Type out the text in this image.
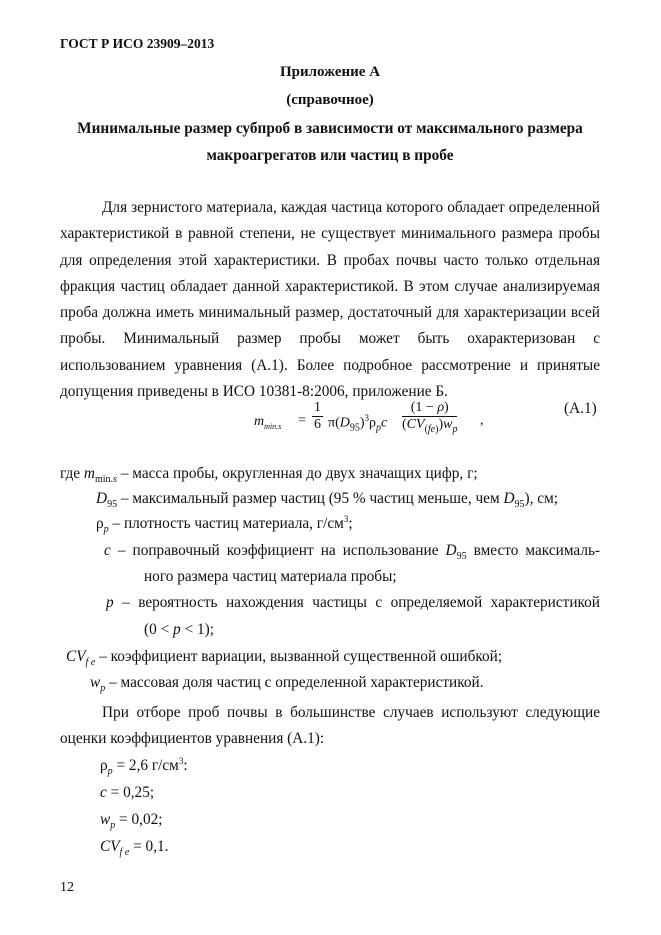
ГОСТ Р ИСО 23909–2013
Приложение А
(справочное)
Минимальные размер субпроб в зависимости от максимального размера
макроагрегатов или частиц в пробе

Для зернистого материала, каждая частица которого обладает определенной характеристикой в равной степени, не существует минимального размера пробы для определения этой характеристики. В пробах почвы часто только отдельная фракция частиц обладает данной характеристикой. В этом случае анализируемая проба должна иметь минимальный размер, достаточный для характеризации всей пробы. Минимальный размер пробы может быть охарактеризован с использованием уравнения (А.1). Более подробное рассмотрение и принятые допущения приведены в ИСО 10381-8:2006, приложение Б.

$m_{min.s} = \frac{1}{6} \pi(D_{95})^3\rho_pc \frac{(1 - \rho)}{(CV_{(fe)})w_p}$ ,
(А.1)
где $m_{min.s}$ – масса пробы, округленная до двух значащих цифр, г;
$D_{95}$ – максимальный размер частиц (95 % частиц меньше, чем $D_{95}$), см;
$\rho_p$ – плотность частиц материала, $г/см^3$;
c – поправочный коэффициент на использование $D_{95}$ вместо максималь-
ного размера частиц материала пробы;
p – вероятность нахождения частицы с определяемой характеристикой
(0 < p < 1);
$CV_{f e}$ – коэффициент вариации, вызванной существенной ошибкой;
$w_p$ – массовая доля частиц с определенной характеристикой.

При отборе проб почвы в большинстве случаев используют следующие оценки коэффициентов уравнения (А.1):

$\rho_p = 2,6$ $г/см^3$:
c = 0,25;
$w_p = 0,02$;
$CV_{f e} = 0,1$.
12
